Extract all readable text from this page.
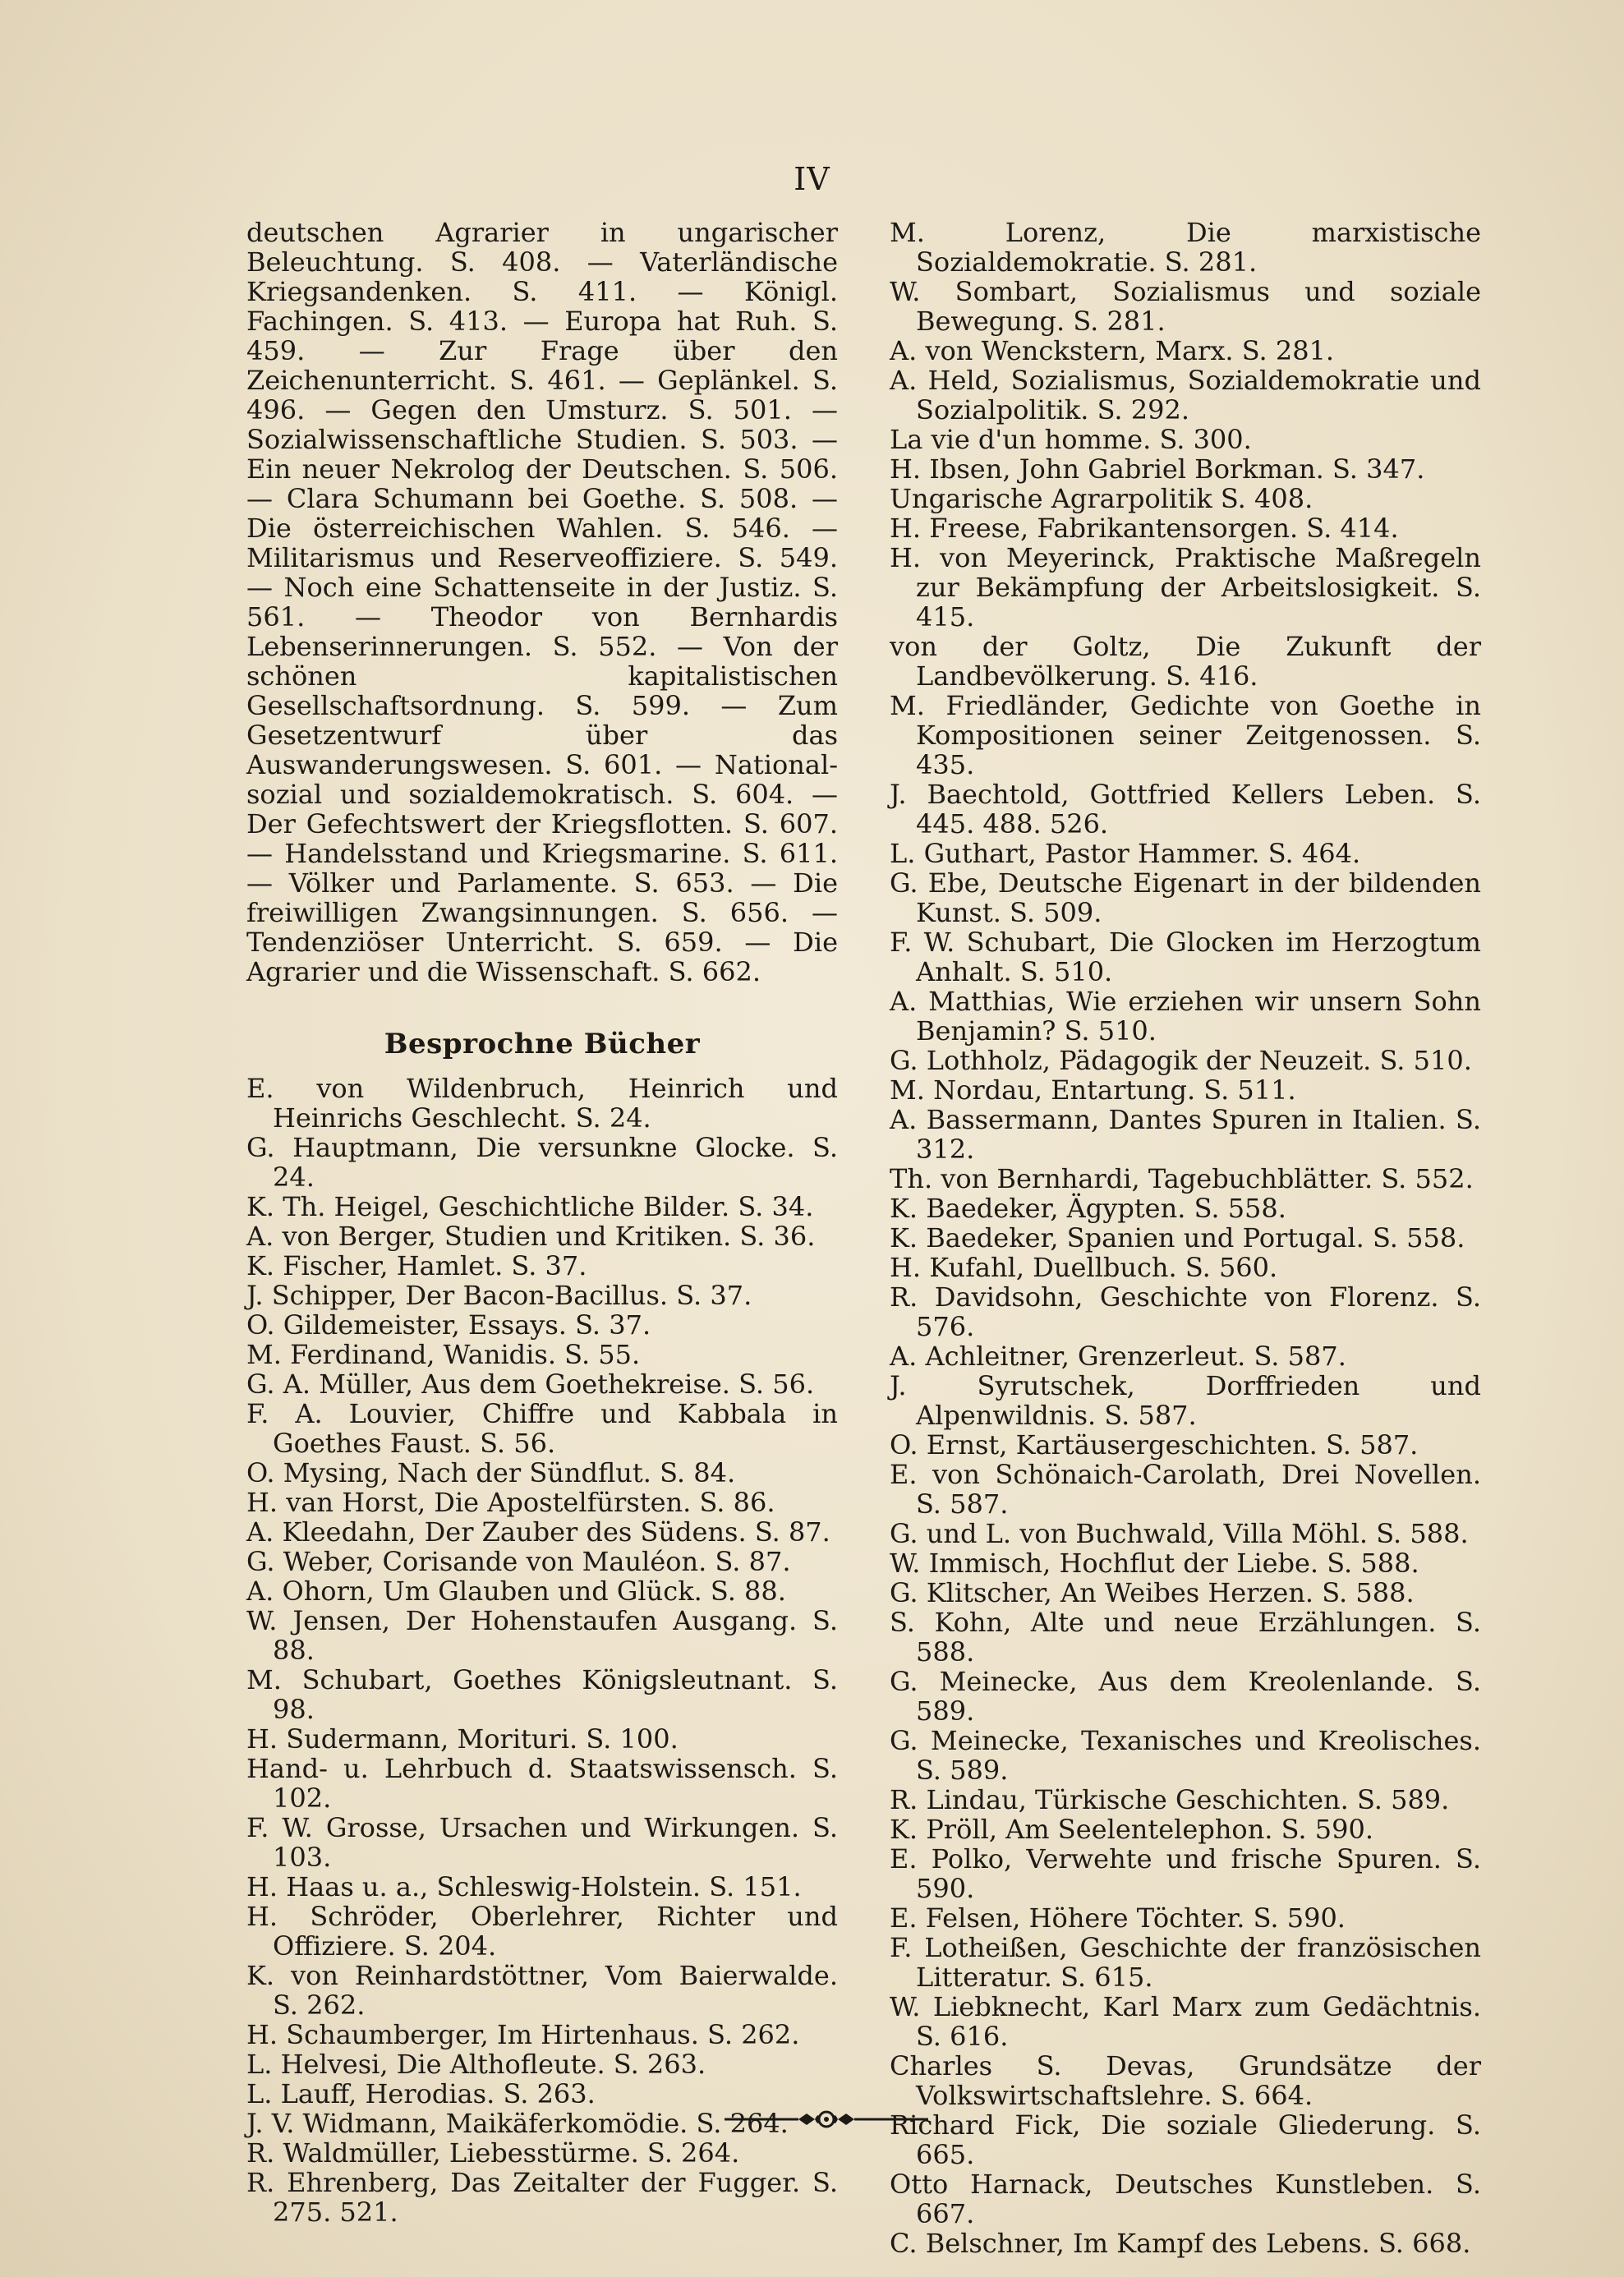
IV

deutschen Agrarier in ungarischer Beleuchtung. S. 408. — Vaterländische Kriegsandenken. S. 411. — Königl. Fachingen. S. 413. — Europa hat Ruh. S. 459. — Zur Frage über den Zeichenunterricht. S. 461. — Geplänkel. S. 496. — Gegen den Umsturz. S. 501. — Sozialwissenschaftliche Studien. S. 503. — Ein neuer Nekrolog der Deutschen. S. 506. — Clara Schumann bei Goethe. S. 508. — Die österreichischen Wahlen. S. 546. — Militarismus und Reserveoffiziere. S. 549. — Noch eine Schattenseite in der Justiz. S. 561. — Theodor von Bernhardis Lebenserinnerungen. S. 552. — Von der schönen kapitalistischen Gesellschaftsordnung. S. 599. — Zum Gesetzentwurf über das Auswanderungswesen. S. 601. — National-sozial und sozialdemokratisch. S. 604. — Der Gefechtswert der Kriegsflotten. S. 607. — Handelsstand und Kriegsmarine. S. 611. — Völker und Parlamente. S. 653. — Die freiwilligen Zwangsinnungen. S. 656. — Tendenziöser Unterricht. S. 659. — Die Agrarier und die Wissenschaft. S. 662.

Besprochne Bücher
E. von Wildenbruch, Heinrich und Heinrichs Geschlecht. S. 24.
G. Hauptmann, Die versunkne Glocke. S. 24.
K. Th. Heigel, Geschichtliche Bilder. S. 34.
A. von Berger, Studien und Kritiken. S. 36.
K. Fischer, Hamlet. S. 37.
J. Schipper, Der Bacon-Bacillus. S. 37.
O. Gildemeister, Essays. S. 37.
M. Ferdinand, Wanidis. S. 55.
G. A. Müller, Aus dem Goethekreise. S. 56.
F. A. Louvier, Chiffre und Kabbala in Goethes Faust. S. 56.
O. Mysing, Nach der Sündflut. S. 84.
H. van Horst, Die Apostelfürsten. S. 86.
A. Kleedahn, Der Zauber des Südens. S. 87.
G. Weber, Corisande von Mauléon. S. 87.
A. Ohorn, Um Glauben und Glück. S. 88.
W. Jensen, Der Hohenstaufen Ausgang. S. 88.
M. Schubart, Goethes Königsleutnant. S. 98.
H. Sudermann, Morituri. S. 100.
Hand- u. Lehrbuch d. Staatswissensch. S. 102.
F. W. Grosse, Ursachen und Wirkungen. S. 103.
H. Haas u. a., Schleswig-Holstein. S. 151.
H. Schröder, Oberlehrer, Richter und Offiziere. S. 204.
K. von Reinhardstöttner, Vom Baierwalde. S. 262.
H. Schaumberger, Im Hirtenhaus. S. 262.
L. Helvesi, Die Althofleute. S. 263.
L. Lauff, Herodias. S. 263.
J. V. Widmann, Maikäferkomödie. S. 264.
R. Waldmüller, Liebesstürme. S. 264.
R. Ehrenberg, Das Zeitalter der Fugger. S. 275. 521.
M. Lorenz, Die marxistische Sozialdemokratie. S. 281.
W. Sombart, Sozialismus und soziale Bewegung. S. 281.
A. von Wenckstern, Marx. S. 281.
A. Held, Sozialismus, Sozialdemokratie und Sozialpolitik. S. 292.
La vie d'un homme. S. 300.
H. Ibsen, John Gabriel Borkman. S. 347.
Ungarische Agrarpolitik S. 408.
H. Freese, Fabrikantensorgen. S. 414.
H. von Meyerinck, Praktische Maßregeln zur Bekämpfung der Arbeitslosigkeit. S. 415.
von der Goltz, Die Zukunft der Landbevölkerung. S. 416.
M. Friedländer, Gedichte von Goethe in Kompositionen seiner Zeitgenossen. S. 435.
J. Baechtold, Gottfried Kellers Leben. S. 445. 488. 526.
L. Guthart, Pastor Hammer. S. 464.
G. Ebe, Deutsche Eigenart in der bildenden Kunst. S. 509.
F. W. Schubart, Die Glocken im Herzogtum Anhalt. S. 510.
A. Matthias, Wie erziehen wir unsern Sohn Benjamin? S. 510.
G. Lothholz, Pädagogik der Neuzeit. S. 510.
M. Nordau, Entartung. S. 511.
A. Bassermann, Dantes Spuren in Italien. S. 312.
Th. von Bernhardi, Tagebuchblätter. S. 552.
K. Baedeker, Ägypten. S. 558.
K. Baedeker, Spanien und Portugal. S. 558.
H. Kufahl, Duellbuch. S. 560.
R. Davidsohn, Geschichte von Florenz. S. 576.
A. Achleitner, Grenzerleut. S. 587.
J. Syrutschek, Dorffrieden und Alpenwildnis. S. 587.
O. Ernst, Kartäusergeschichten. S. 587.
E. von Schönaich-Carolath, Drei Novellen. S. 587.
G. und L. von Buchwald, Villa Möhl. S. 588.
W. Immisch, Hochflut der Liebe. S. 588.
G. Klitscher, An Weibes Herzen. S. 588.
S. Kohn, Alte und neue Erzählungen. S. 588.
G. Meinecke, Aus dem Kreolenlande. S. 589.
G. Meinecke, Texanisches und Kreolisches. S. 589.
R. Lindau, Türkische Geschichten. S. 589.
K. Pröll, Am Seelentelephon. S. 590.
E. Polko, Verwehte und frische Spuren. S. 590.
E. Felsen, Höhere Töchter. S. 590.
F. Lotheißen, Geschichte der französischen Litteratur. S. 615.
W. Liebknecht, Karl Marx zum Gedächtnis. S. 616.
Charles S. Devas, Grundsätze der Volkswirtschaftslehre. S. 664.
Richard Fick, Die soziale Gliederung. S. 665.
Otto Harnack, Deutsches Kunstleben. S. 667.
C. Belschner, Im Kampf des Lebens. S. 668.
